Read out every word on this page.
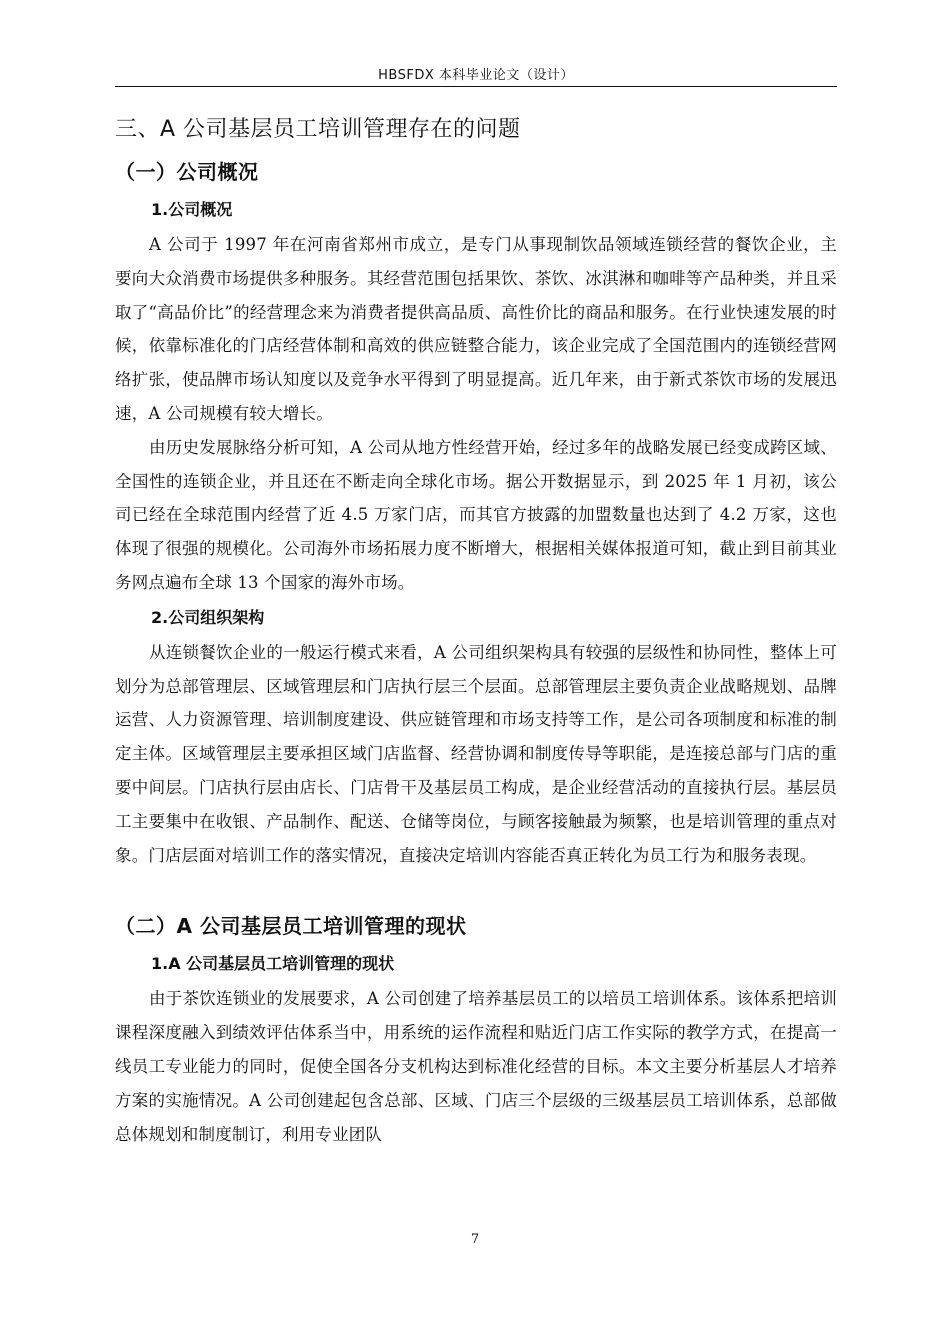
HBSFDX 本科毕业论文（设计）
三、A 公司基层员工培训管理存在的问题
（一）公司概况
1.公司概况

A 公司于 1997 年在河南省郑州市成立，是专门从事现制饮品领域连锁经营的餐饮企业，主要向大众消费市场提供多种服务。其经营范围包括果饮、茶饮、冰淇淋和咖啡等产品种类，并且采取了“高品价比”的经营理念来为消费者提供高品质、高性价比的商品和服务。在行业快速发展的时候，依靠标准化的门店经营体制和高效的供应链整合能力，该企业完成了全国范围内的连锁经营网络扩张，使品牌市场认知度以及竞争水平得到了明显提高。近几年来，由于新式茶饮市场的发展迅速，A 公司规模有较大增长。

由历史发展脉络分析可知，A 公司从地方性经营开始，经过多年的战略发展已经变成跨区域、全国性的连锁企业，并且还在不断走向全球化市场。据公开数据显示，到 2025 年 1 月初，该公司已经在全球范围内经营了近 4.5 万家门店，而其官方披露的加盟数量也达到了 4.2 万家，这也体现了很强的规模化。公司海外市场拓展力度不断增大，根据相关媒体报道可知，截止到目前其业务网点遍布全球 13 个国家的海外市场。

2.公司组织架构

从连锁餐饮企业的一般运行模式来看，A 公司组织架构具有较强的层级性和协同性，整体上可划分为总部管理层、区域管理层和门店执行层三个层面。总部管理层主要负责企业战略规划、品牌运营、人力资源管理、培训制度建设、供应链管理和市场支持等工作，是公司各项制度和标准的制定主体。区域管理层主要承担区域门店监督、经营协调和制度传导等职能，是连接总部与门店的重要中间层。门店执行层由店长、门店骨干及基层员工构成，是企业经营活动的直接执行层。基层员工主要集中在收银、产品制作、配送、仓储等岗位，与顾客接触最为频繁，也是培训管理的重点对象。门店层面对培训工作的落实情况，直接决定培训内容能否真正转化为员工行为和服务表现。

（二）A 公司基层员工培训管理的现状
1.A 公司基层员工培训管理的现状

由于茶饮连锁业的发展要求，A 公司创建了培养基层员工的以培员工培训体系。该体系把培训课程深度融入到绩效评估体系当中，用系统的运作流程和贴近门店工作实际的教学方式，在提高一线员工专业能力的同时，促使全国各分支机构达到标准化经营的目标。本文主要分析基层人才培养方案的实施情况。A 公司创建起包含总部、区域、门店三个层级的三级基层员工培训体系，总部做总体规划和制度制订，利用专业团队

7
